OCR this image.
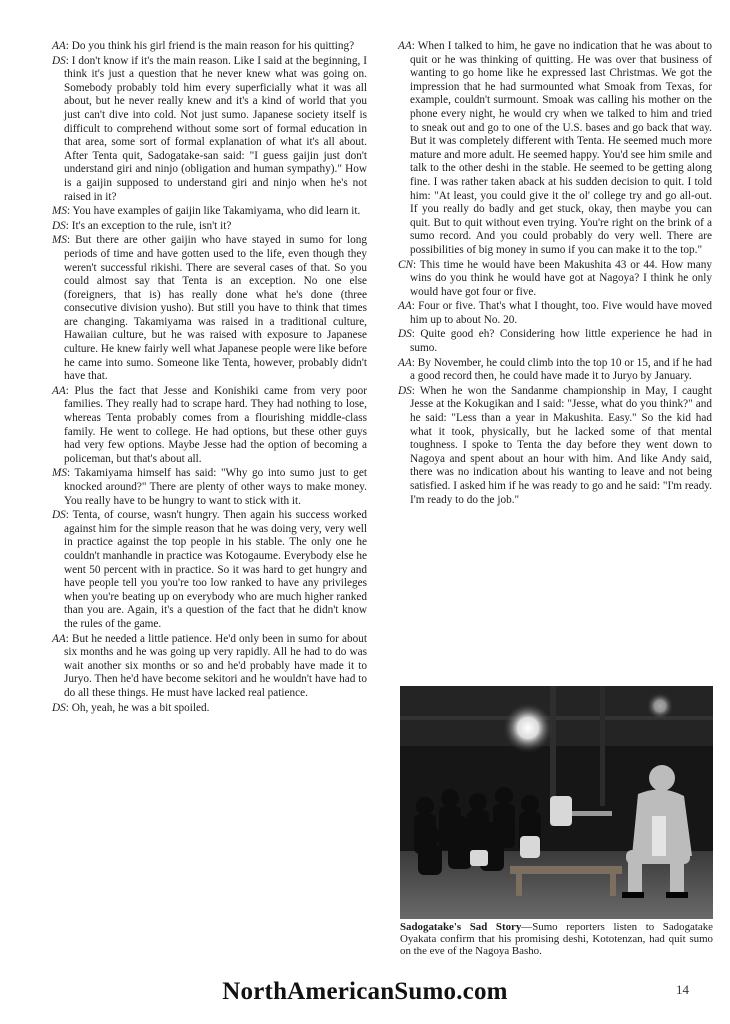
AA: Do you think his girl friend is the main reason for his quitting?

DS: I don't know if it's the main reason. Like I said at the beginning, I think it's just a question that he never knew what was going on. Somebody probably told him every superficially what it was all about, but he never really knew and it's a kind of world that you just can't dive into cold. Not just sumo. Japanese society itself is difficult to comprehend without some sort of formal education in that area, some sort of formal explanation of what it's all about. After Tenta quit, Sadogatake-san said: "I guess gaijin just don't understand giri and ninjo (obligation and human sympathy)." How is a gaijin supposed to understand giri and ninjo when he's not raised in it?

MS: You have examples of gaijin like Takamiyama, who did learn it.

DS: It's an exception to the rule, isn't it?

MS: But there are other gaijin who have stayed in sumo for long periods of time and have gotten used to the life, even though they weren't successful rikishi. There are several cases of that. So you could almost say that Tenta is an exception. No one else (foreigners, that is) has really done what he's done (three consecutive division yusho). But still you have to think that times are changing. Takamiyama was raised in a traditional culture, Hawaiian culture, but he was raised with exposure to Japanese culture. He knew fairly well what Japanese people were like before he came into sumo. Someone like Tenta, however, probably didn't have that.

AA: Plus the fact that Jesse and Konishiki came from very poor families. They really had to scrape hard. They had nothing to lose, whereas Tenta probably comes from a flourishing middle-class family. He went to college. He had options, but these other guys had very few options. Maybe Jesse had the option of becoming a policeman, but that's about all.

MS: Takamiyama himself has said: "Why go into sumo just to get knocked around?" There are plenty of other ways to make money. You really have to be hungry to want to stick with it.

DS: Tenta, of course, wasn't hungry. Then again his success worked against him for the simple reason that he was doing very, very well in practice against the top people in his stable. The only one he couldn't manhandle in practice was Kotogaume. Everybody else he went 50 percent with in practice. So it was hard to get hungry and have people tell you you're too low ranked to have any privileges when you're beating up on everybody who are much higher ranked than you are. Again, it's a question of the fact that he didn't know the rules of the game.

AA: But he needed a little patience. He'd only been in sumo for about six months and he was going up very rapidly. All he had to do was wait another six months or so and he'd probably have made it to Juryo. Then he'd have become sekitori and he wouldn't have had to do all these things. He must have lacked real patience.

DS: Oh, yeah, he was a bit spoiled.

AA: When I talked to him, he gave no indication that he was about to quit or he was thinking of quitting. He was over that business of wanting to go home like he expressed last Christmas. We got the impression that he had surmounted what Smoak from Texas, for example, couldn't surmount. Smoak was calling his mother on the phone every night, he would cry when we talked to him and tried to sneak out and go to one of the U.S. bases and go back that way. But it was completely different with Tenta. He seemed much more mature and more adult. He seemed happy. You'd see him smile and talk to the other deshi in the stable. He seemed to be getting along fine. I was rather taken aback at his sudden decision to quit. I told him: "At least, you could give it the ol' college try and go all-out. If you really do badly and get stuck, okay, then maybe you can quit. But to quit without even trying. You're right on the brink of a sumo record. And you could probably do very well. There are possibilities of big money in sumo if you can make it to the top."

CN: This time he would have been Makushita 43 or 44. How many wins do you think he would have got at Nagoya? I think he only would have got four or five.

AA: Four or five. That's what I thought, too. Five would have moved him up to about No. 20.

DS: Quite good eh? Considering how little experience he had in sumo.

AA: By November, he could climb into the top 10 or 15, and if he had a good record then, he could have made it to Juryo by January.

DS: When he won the Sandanme championship in May, I caught Jesse at the Kokugikan and I said: "Jesse, what do you think?" and he said: "Less than a year in Makushita. Easy." So the kid had what it took, physically, but he lacked some of that mental toughness. I spoke to Tenta the day before they went down to Nagoya and spent about an hour with him. And like Andy said, there was no indication about his wanting to leave and not being satisfied. I asked him if he was ready to go and he said: "I'm ready. I'm ready to do the job."

Sadogatake's Sad Story—Sumo reporters listen to Sadogatake Oyakata confirm that his promising deshi, Kototenzan, had quit sumo on the eve of the Nagoya Basho.

NorthAmericanSumo.com	14
